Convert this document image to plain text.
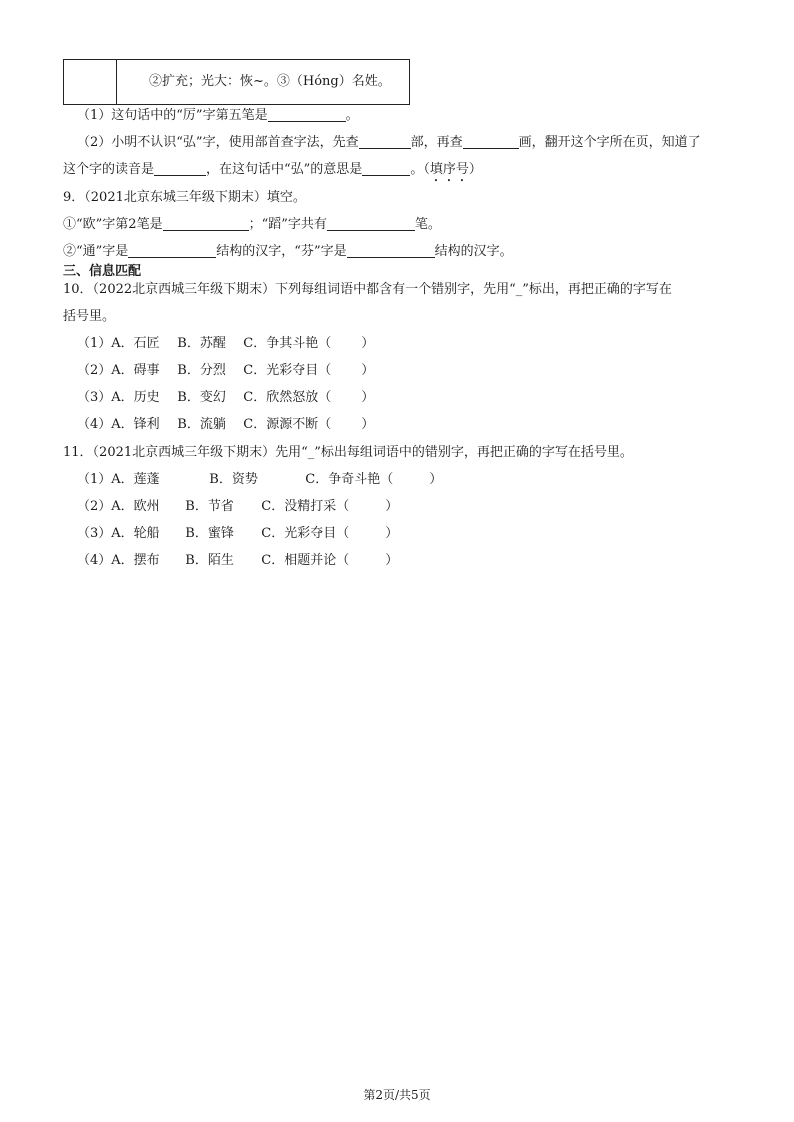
②扩充；光大：恢~。③（Hóng）名姓。
（1）这句话中的“厉”字第五笔是	。
（2）小明不认识“弘”字，使用部首查字法，先查	部，再查	画，翻开这个字所在页，知道了
这个字的读音是	，在这句话中“弘”的意思是	。（填序号）
9．（2021北京东城三年级下期末）填空。
①“欧”字第2笔是	；“蹈”字共有	笔。
②“通”字是	结构的汉字，“芬”字是	结构的汉字。
三、信息匹配
10．（2022北京西城三年级下期末）下列每组词语中都含有一个错别字，先用“_”标出，再把正确的字写在
括号里。
（1）A．石匠 B．苏醒 C．争其斗艳（ ）
（2）A．碍事 B．分烈 C．光彩夺目（ ）
（3）A．历史 B．变幻 C．欣然怒放（ ）
（4）A．锋利 B．流躺 C．源源不断（ ）
11．（2021北京西城三年级下期末）先用“_”标出每组词语中的错别字，再把正确的字写在括号里。
（1）A．莲蓬	B．资势	C．争奇斗艳（	）
（2）A．欧州 B．节省 C．没精打采（	）
（3）A．轮船 B．蜜锋 C．光彩夺目（	）
（4）A．摆布 B．陌生 C．相题并论（	）
第2页/共5页
